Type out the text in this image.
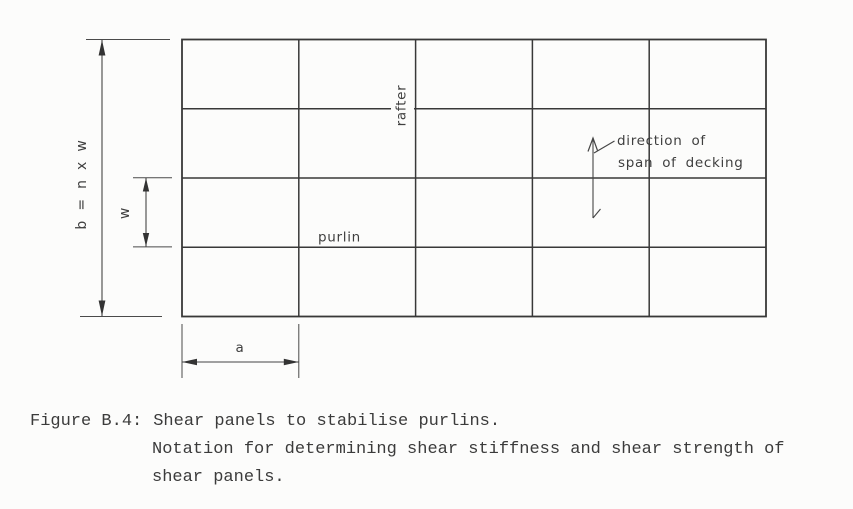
b = n x w w
a
rafter
purlin
direction of
span of decking
Figure B.4: Shear panels to stabilise purlins.
Notation for determining shear stiffness and shear strength of
shear panels.
